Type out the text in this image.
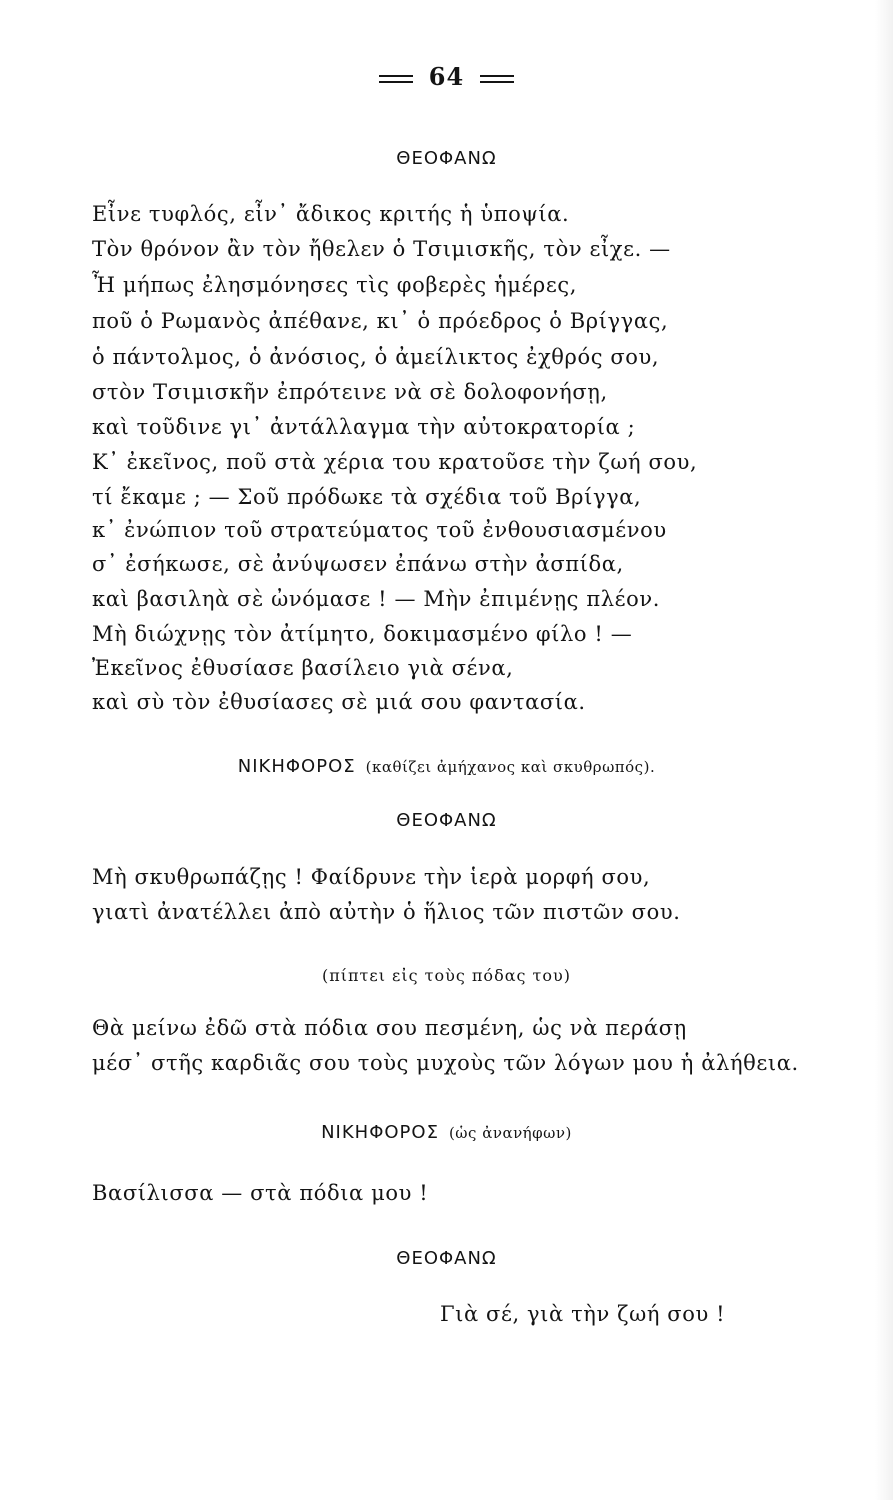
64
ΘΕΟΦΑΝΩ
Εἶνε τυφλός, εἶν᾽ ἄδικος κριτής ἡ ὑποψία.
Τὸν θρόνον ἂν τὸν ἤθελεν ὁ Τσιμισκῆς, τὸν εἶχε. —
Ἦ μήπως ἐλησμόνησες τὶς φοβερὲς ἡμέρες,
ποῦ ὁ Ρωμανὸς ἀπέθανε, κι᾽ ὁ πρόεδρος ὁ Βρίγγας,
ὁ πάντολμος, ὁ ἀνόσιος, ὁ ἀμείλικτος ἐχθρός σου,
στὸν Τσιμισκῆν ἐπρότεινε νὰ σὲ δολοφονήσῃ,
καὶ τοῦδινε γι᾽ ἀντάλλαγμα τὴν αὐτοκρατορία ;
Κ᾽ ἐκεῖνος, ποῦ στὰ χέρια του κρατοῦσε τὴν ζωή σου,
τί ἔκαμε ; — Σοῦ πρόδωκε τὰ σχέδια τοῦ Βρίγγα,
κ᾽ ἐνώπιον τοῦ στρατεύματος τοῦ ἐνθουσιασμένου
σ᾽ ἐσήκωσε, σὲ ἀνύψωσεν ἐπάνω στὴν ἀσπίδα,
καὶ βασιληὰ σὲ ὠνόμασε ! — Μὴν ἐπιμένῃς πλέον.
Μὴ διώχνῃς τὸν ἀτίμητο, δοκιμασμένο φίλο ! —
Ἐκεῖνος ἐθυσίασε βασίλειο γιὰ σένα,
καὶ σὺ τὸν ἐθυσίασες σὲ μιά σου φαντασία.
ΝΙΚΗΦΟΡΟΣ (καθίζει ἀμήχανος καὶ σκυθρωπός).
ΘΕΟΦΑΝΩ
Μὴ σκυθρωπάζῃς ! Φαίδρυνε τὴν ἱερὰ μορφή σου,
γιατὶ ἀνατέλλει ἀπὸ αὐτὴν ὁ ἥλιος τῶν πιστῶν σου.
(πίπτει εἰς τοὺς πόδας του)
Θὰ μείνω ἐδῶ στὰ πόδια σου πεσμένη, ὡς νὰ περάσῃ
μέσ᾽ στῆς καρδιᾶς σου τοὺς μυχοὺς τῶν λόγων μου ἡ ἀλήθεια.
ΝΙΚΗΦΟΡΟΣ (ὡς ἀνανήφων)
Βασίλισσα — στὰ πόδια μου !
ΘΕΟΦΑΝΩ
Γιὰ σέ, γιὰ τὴν ζωή σου !
